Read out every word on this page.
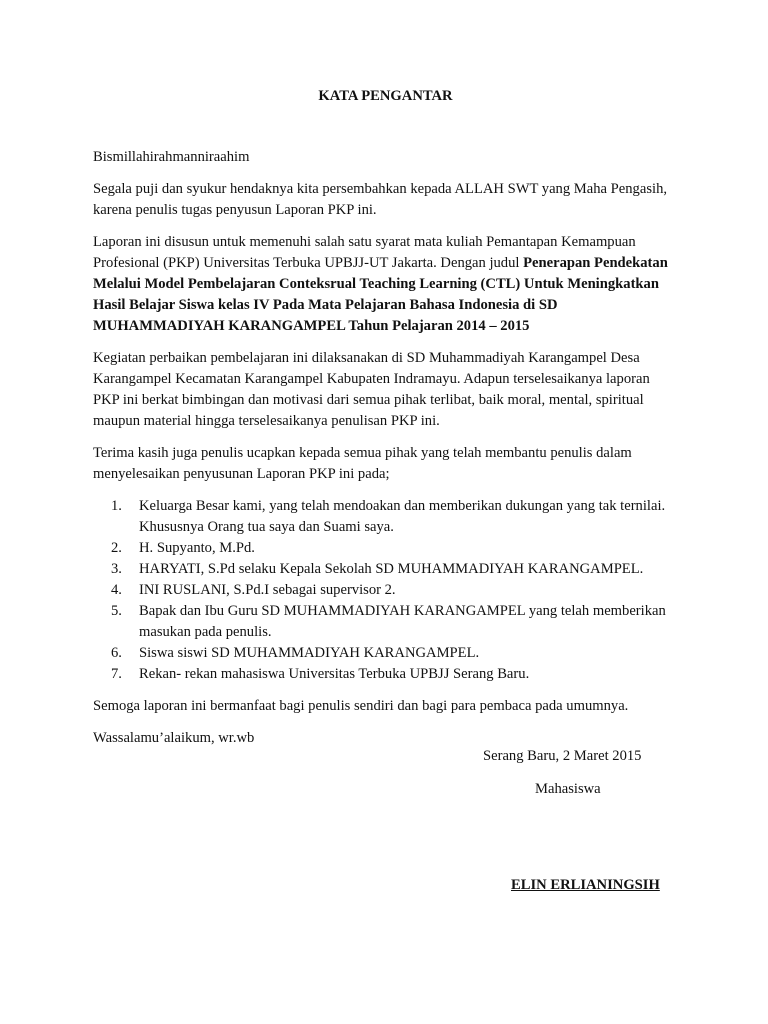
KATA PENGANTAR

Bismillahirahmanniraahim

Segala puji dan syukur hendaknya kita persembahkan kepada ALLAH SWT yang Maha Pengasih, karena penulis tugas penyusun Laporan PKP ini.

Laporan ini disusun untuk memenuhi salah satu syarat mata kuliah Pemantapan Kemampuan Profesional (PKP) Universitas Terbuka UPBJJ-UT Jakarta. Dengan judul Penerapan Pendekatan Melalui Model Pembelajaran Conteksrual Teaching Learning (CTL) Untuk Meningkatkan Hasil Belajar Siswa kelas IV Pada Mata Pelajaran Bahasa Indonesia di SD MUHAMMADIYAH KARANGAMPEL Tahun Pelajaran 2014 – 2015

Kegiatan perbaikan pembelajaran ini dilaksanakan di SD Muhammadiyah Karangampel Desa Karangampel Kecamatan Karangampel Kabupaten Indramayu. Adapun terselesaikanya laporan PKP ini berkat bimbingan dan motivasi dari semua pihak terlibat, baik moral, mental, spiritual maupun material hingga terselesaikanya penulisan PKP ini.

Terima kasih juga penulis ucapkan kepada semua pihak yang telah membantu penulis dalam menyelesaikan penyusunan Laporan PKP ini pada;

1. Keluarga Besar kami, yang telah mendoakan dan memberikan dukungan yang tak ternilai. Khususnya Orang tua saya dan Suami saya.
2. H. Supyanto, M.Pd.
3. HARYATI, S.Pd selaku Kepala Sekolah SD MUHAMMADIYAH KARANGAMPEL.
4. INI RUSLANI, S.Pd.I sebagai supervisor 2.
5. Bapak dan Ibu Guru SD MUHAMMADIYAH KARANGAMPEL yang telah memberikan masukan pada penulis.
6. Siswa siswi SD MUHAMMADIYAH KARANGAMPEL.
7. Rekan- rekan mahasiswa Universitas Terbuka UPBJJ Serang Baru.

Semoga laporan ini bermanfaat bagi penulis sendiri dan bagi para pembaca pada umumnya.

Wassalamu’alaikum, wr.wb

Serang Baru, 2 Maret 2015
Mahasiswa
ELIN ERLIANINGSIH
